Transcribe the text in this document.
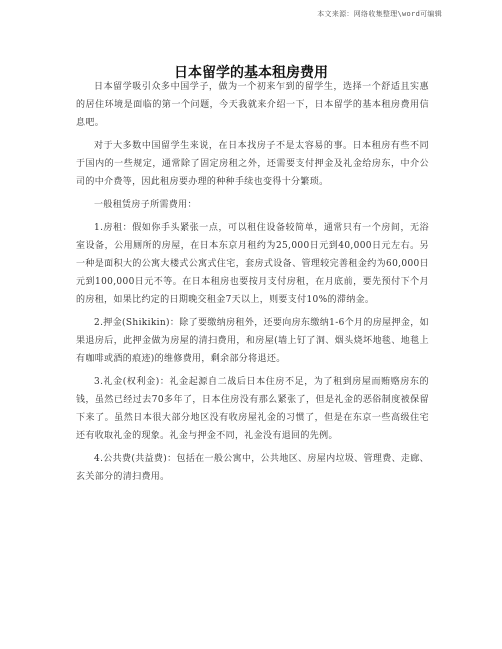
本文来源：网络收集整理\word可编辑
日本留学的基本租房费用

日本留学吸引众多中国学子，做为一个初来乍到的留学生，选择一个舒适且实惠的居住环境是面临的第一个问题，今天我就来介绍一下，日本留学的基本租房费用信息吧。

对于大多数中国留学生来说，在日本找房子不是太容易的事。日本租房有些不同于国内的一些规定，通常除了固定房租之外，还需要支付押金及礼金给房东，中介公司的中介费等，因此租房要办理的种种手续也变得十分繁琐。

一般租赁房子所需费用：

1.房租：假如你手头紧张一点，可以租住设备较简单，通常只有一个房间，无浴室设备，公用厕所的房屋，在日本东京月租约为25,000日元到40,000日元左右。另一种是面积大的公寓大楼式公寓式住宅，套房式设备、管理较完善租金约为60,000日元到100,000日元不等。在日本租房也要按月支付房租，在月底前，要先预付下个月的房租，如果比约定的日期晚交租金7天以上，则要支付10%的滞纳金。

2.押金(Shikikin)：除了要缴纳房租外，还要向房东缴纳1-6个月的房屋押金，如果退房后，此押金做为房屋的清扫费用，和房屋(墙上钉了洞、烟头烧坏地毯、地毯上有咖啡或酒的痕迹)的维修费用，剩余部分将退还。

3.礼金(权利金)：礼金起源自二战后日本住房不足，为了租到房屋而贿赂房东的钱，虽然已经过去70多年了，日本住房没有那么紧张了，但是礼金的恶俗制度被保留下来了。虽然日本很大部分地区没有收房屋礼金的习惯了，但是在东京一些高级住宅还有收取礼金的现象。礼金与押金不同，礼金没有退回的先例。

4.公共费(共益费)：包括在一般公寓中，公共地区、房屋内垃圾、管理费、走廊、玄关部分的清扫费用。
